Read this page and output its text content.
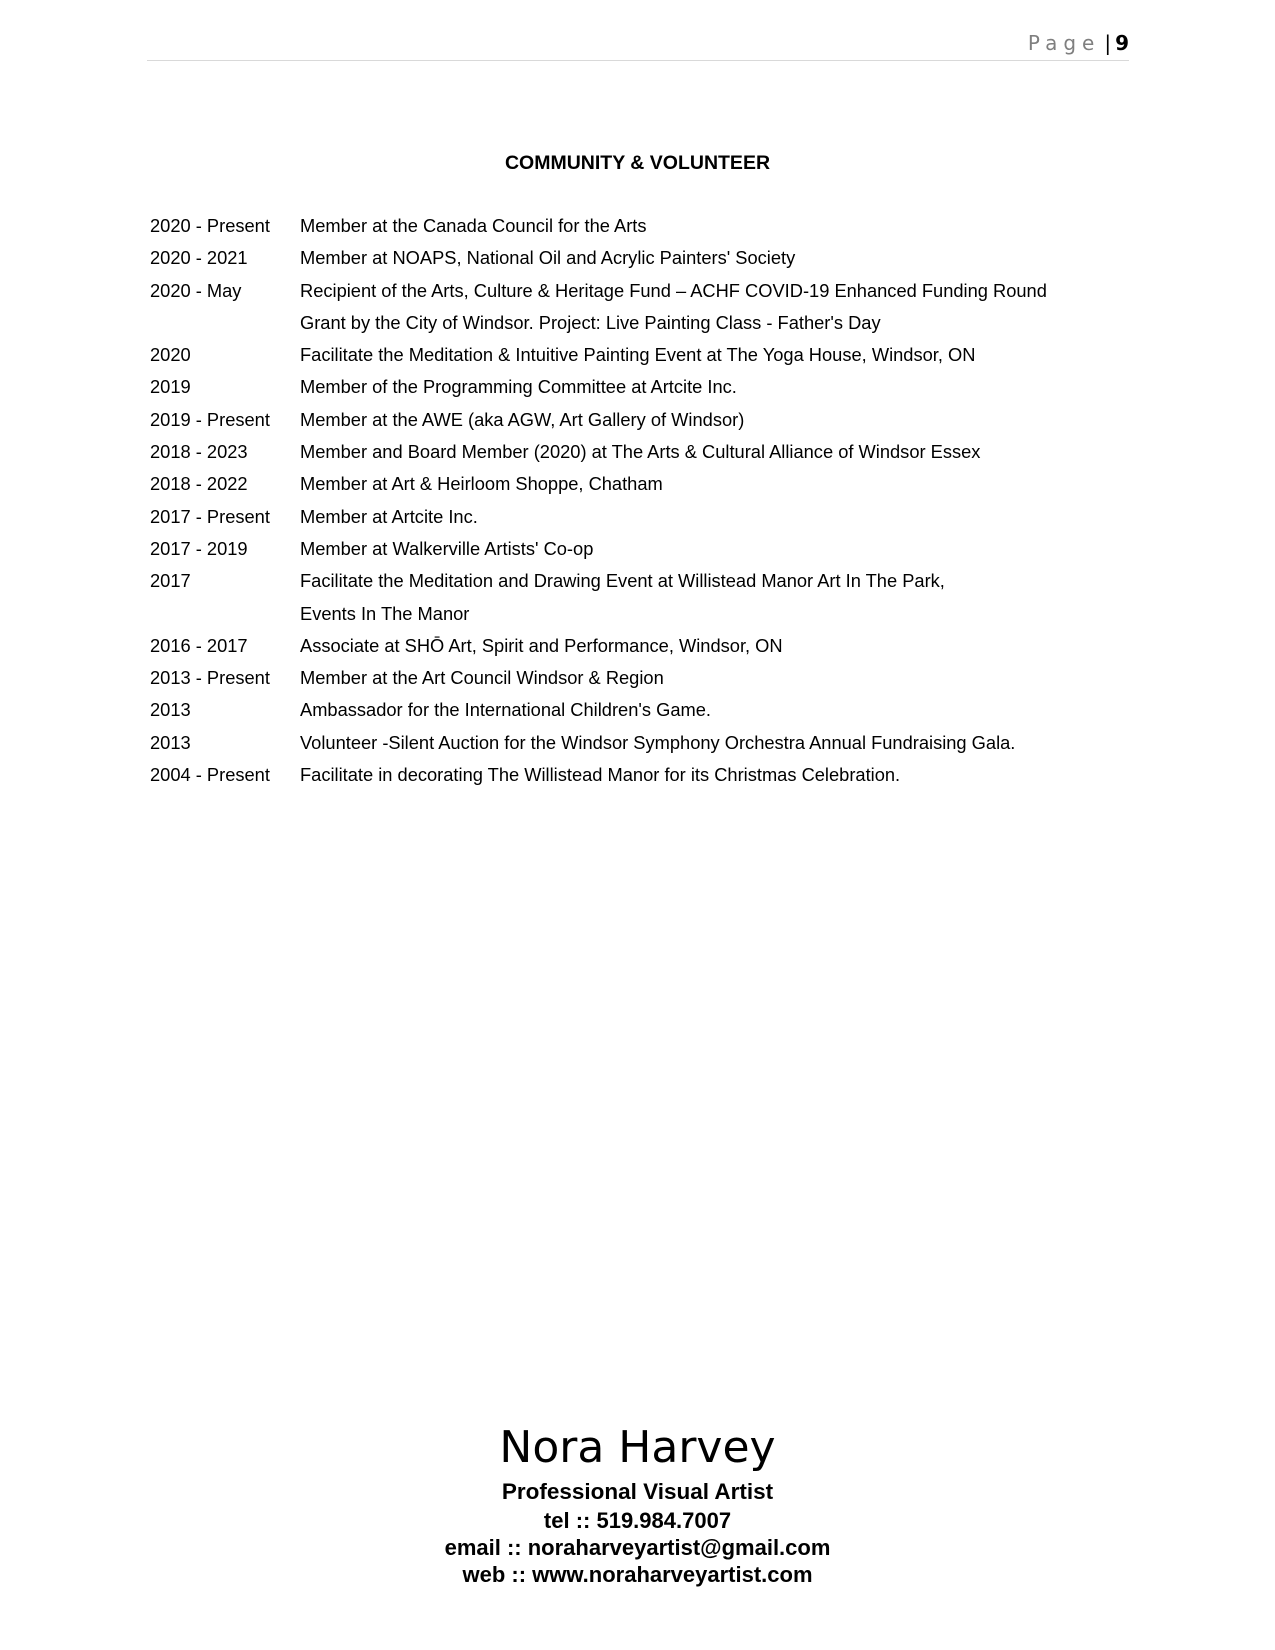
Page | 9
COMMUNITY & VOLUNTEER
2020 - Present	Member at the Canada Council for the Arts
2020 - 2021	Member at NOAPS, National Oil and Acrylic Painters' Society
2020 - May	Recipient of the Arts, Culture & Heritage Fund – ACHF COVID-19 Enhanced Funding Round
Grant by the City of Windsor. Project: Live Painting Class - Father's Day
2020	Facilitate the Meditation & Intuitive Painting Event at The Yoga House, Windsor, ON
2019	Member of the Programming Committee at Artcite Inc.
2019 - Present	Member at the AWE (aka AGW, Art Gallery of Windsor)
2018 - 2023	Member and Board Member (2020) at The Arts & Cultural Alliance of Windsor Essex
2018 - 2022	Member at Art & Heirloom Shoppe, Chatham
2017 - Present	Member at Artcite Inc.
2017 - 2019	Member at Walkerville Artists' Co-op
2017	Facilitate the Meditation and Drawing Event at Willistead Manor Art In The Park,
Events In The Manor
2016 - 2017	Associate at SHŌ Art, Spirit and Performance, Windsor, ON
2013 - Present	Member at the Art Council Windsor & Region
2013	Ambassador for the International Children's Game.
2013	Volunteer -Silent Auction for the Windsor Symphony Orchestra Annual Fundraising Gala.
2004 - Present	Facilitate in decorating The Willistead Manor for its Christmas Celebration.
Nora Harvey
Professional Visual Artist
tel :: 519.984.7007
email :: noraharveyartist@gmail.com
web :: www.noraharveyartist.com
